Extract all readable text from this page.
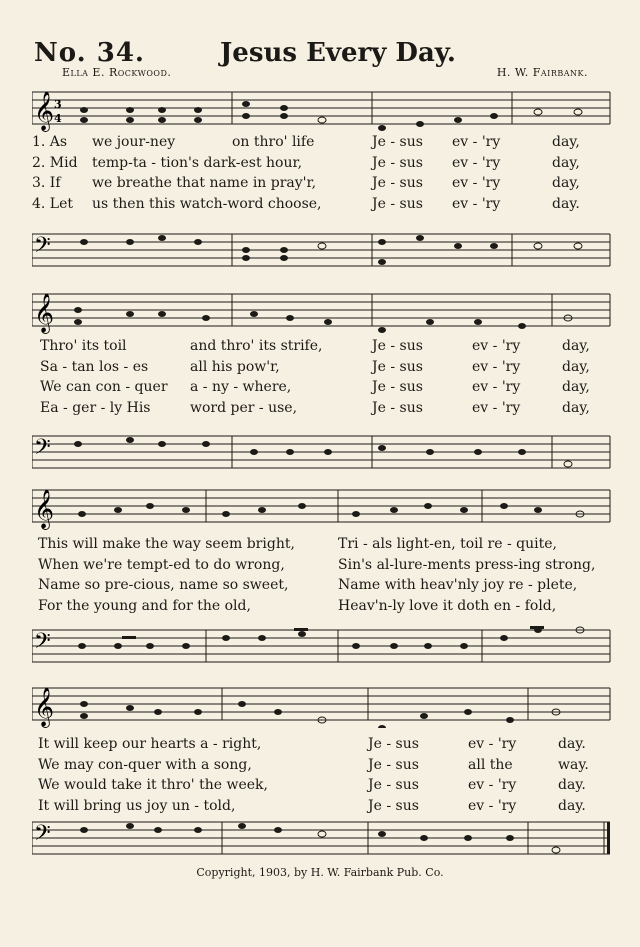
No. 34.	Jesus Every Day.
Ella E. Rockwood.	H. W. Fairbank.
𝄞 3
4
1. As	we jour-ney	on thro' life	Je - sus	ev - 'ry	day,
2. Mid	temp-ta - tion's dark-est hour,	Je - sus	ev - 'ry	day,
3. If	we breathe that name in pray'r,	Je - sus	ev - 'ry	day,
4. Let	us then this watch-word choose,	Je - sus	ev - 'ry	day.
𝄢
𝄞
Thro' its toil	and thro' its strife,	Je - sus	ev - 'ry	day,
Sa - tan los - es	all his pow'r,	Je - sus	ev - 'ry	day,
We can con - quer	a - ny - where,	Je - sus	ev - 'ry	day,
Ea - ger - ly His	word per - use,	Je - sus	ev - 'ry	day,
𝄢
𝄞
This will make the way seem bright,	Tri - als light-en, toil re - quite,
When we're tempt-ed to do wrong,	Sin's al-lure-ments press-ing strong,
Name so pre-cious, name so sweet,	Name with heav'nly joy re - plete,
For the young and for the old,	Heav'n-ly love it doth en - fold,
𝄢
𝄞
It will keep our hearts a - right,	Je - sus	ev - 'ry	day.
We may con-quer with a song,	Je - sus	all the	way.
We would take it thro' the week,	Je - sus	ev - 'ry	day.
It will bring us joy un - told,	Je - sus	ev - 'ry	day.
𝄢
Copyright, 1903, by H. W. Fairbank Pub. Co.
